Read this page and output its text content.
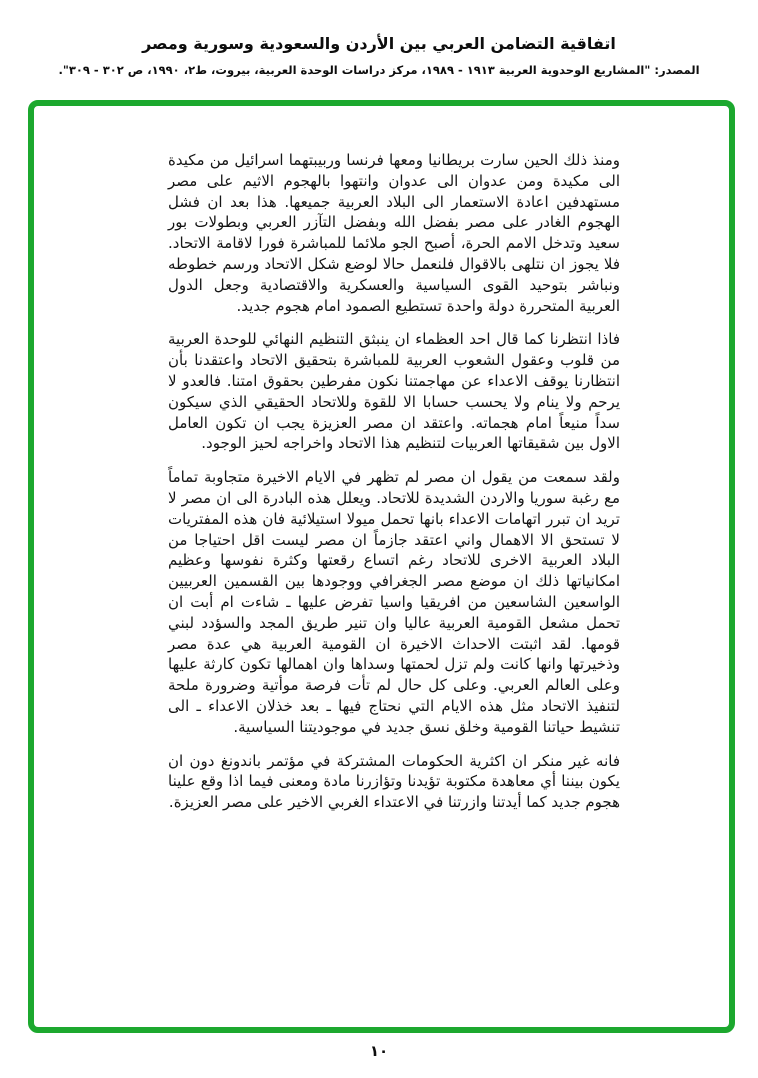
اتفاقية التضامن العربي بين الأردن والسعودية وسورية ومصر

المصدر: "المشاريع الوحدوية العربية ١٩١٣ - ١٩٨٩، مركز دراسات الوحدة العربية، بيروت، ط٢، ١٩٩٠، ص ٣٠٢ - ٣٠٩".

ومنذ ذلك الحين سارت بريطانيا ومعها فرنسا وربيبتهما اسرائيل من مكيدة الى مكيدة ومن عدوان الى عدوان وانتهوا بالهجوم الاثيم على مصر مستهدفين اعادة الاستعمار الى البلاد العربية جميعها. هذا بعد ان فشل الهجوم الغادر على مصر بفضل الله وبفضل التآزر العربي وبطولات بور سعيد وتدخل الامم الحرة، أصبح الجو ملائما للمباشرة فورا لاقامة الاتحاد. فلا يجوز ان نتلهى بالاقوال فلنعمل حالا لوضع شكل الاتحاد ورسم خطوطه ونباشر بتوحيد القوى السياسية والعسكرية والاقتصادية وجعل الدول العربية المتحررة دولة واحدة تستطيع الصمود امام هجوم جديد.

فاذا انتظرنا كما قال احد العظماء ان ينبثق التنظيم النهائي للوحدة العربية من قلوب وعقول الشعوب العربية للمباشرة بتحقيق الاتحاد واعتقدنا بأن انتظارنا يوقف الاعداء عن مهاجمتنا نكون مفرطين بحقوق امتنا. فالعدو لا يرحم ولا ينام ولا يحسب حسابا الا للقوة وللاتحاد الحقيقي الذي سيكون سداً منيعاً امام هجماته. واعتقد ان مصر العزيزة يجب ان تكون العامل الاول بين شقيقاتها العربيات لتنظيم هذا الاتحاد واخراجه لحيز الوجود.

ولقد سمعت من يقول ان مصر لم تظهر في الايام الاخيرة متجاوبة تماماً مع رغبة سوريا والاردن الشديدة للاتحاد. ويعلل هذه البادرة الى ان مصر لا تريد ان تبرر اتهامات الاعداء بانها تحمل ميولا استيلائية فان هذه المفتريات لا تستحق الا الاهمال واني اعتقد جازماً ان مصر ليست اقل احتياجا من البلاد العربية الاخرى للاتحاد رغم اتساع رقعتها وكثرة نفوسها وعظيم امكانياتها ذلك ان موضع مصر الجغرافي ووجودها بين القسمين العربيين الواسعين الشاسعين من افريقيا واسيا تفرض عليها ـ شاءت ام أبت ان تحمل مشعل القومية العربية عاليا وان تنير طريق المجد والسؤدد لبني قومها. لقد اثبتت الاحداث الاخيرة ان القومية العربية هي عدة مصر وذخيرتها وانها كانت ولم تزل لحمتها وسداها وان اهمالها تكون كارثة عليها وعلى العالم العربي. وعلى كل حال لم تأت فرصة موأتية وضرورة ملحة لتنفيذ الاتحاد مثل هذه الايام التي نحتاج فيها ـ بعد خذلان الاعداء ـ الى تنشيط حياتنا القومية وخلق نسق جديد في موجوديتنا السياسية.

فانه غير منكر ان اكثرية الحكومات المشتركة في مؤتمر باندونغ دون ان يكون بيننا أي معاهدة مكتوبة تؤيدنا وتؤازرنا مادة ومعنى فيما اذا وقع علينا هجوم جديد كما أيدتنا وازرتنا في الاعتداء الغربي الاخير على مصر العزيزة.

١٠
